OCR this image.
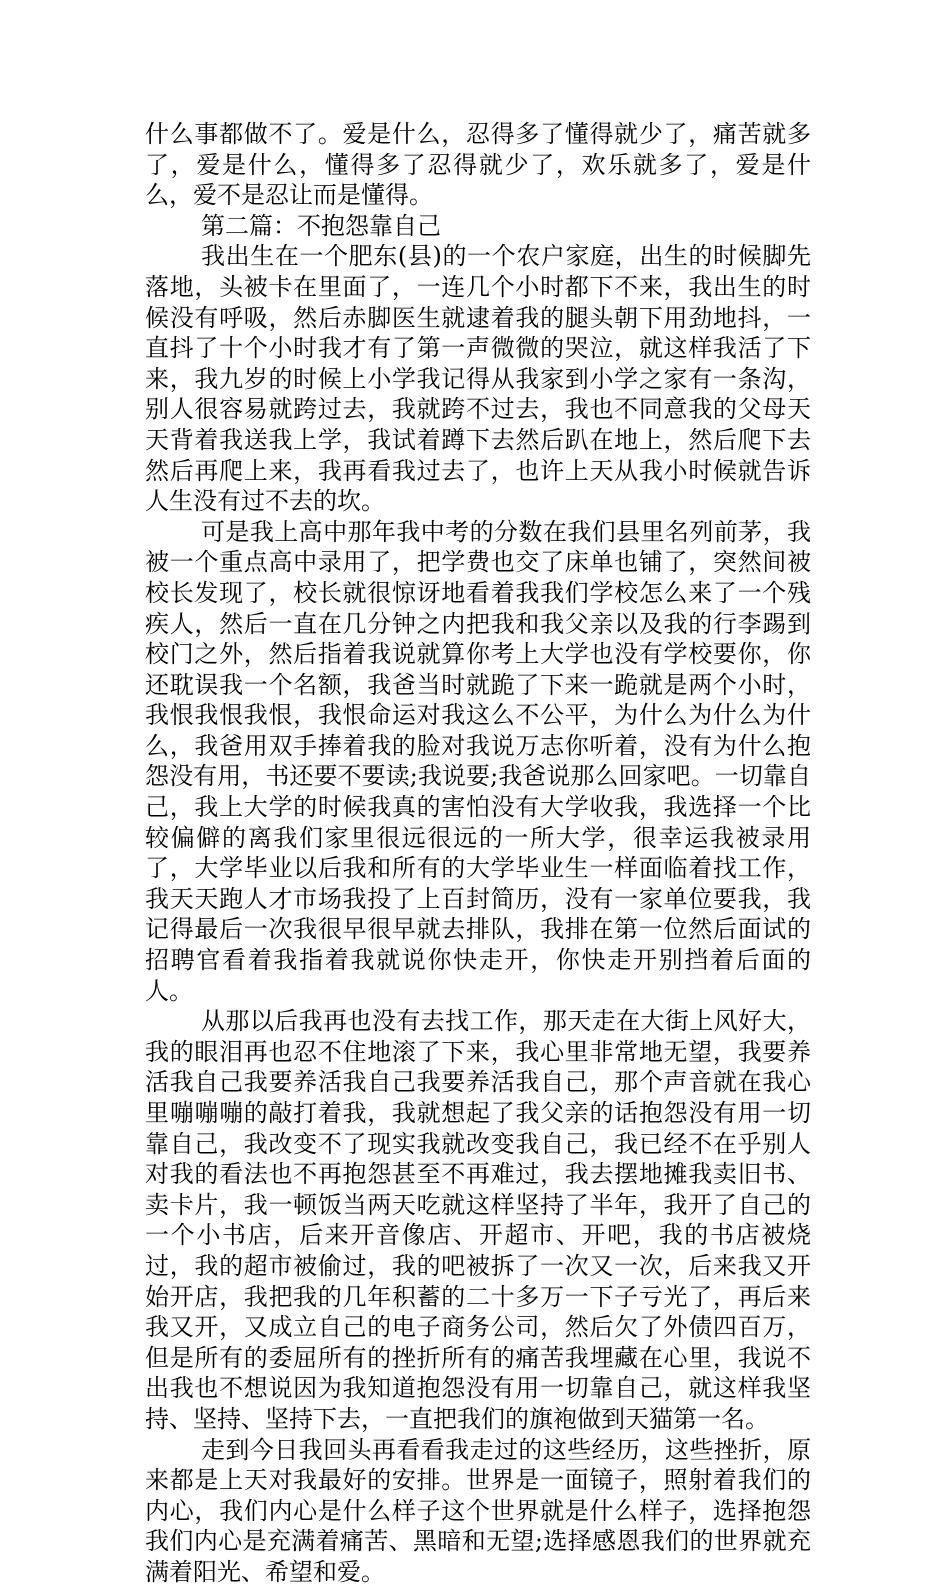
什么事都做不了。爱是什么，忍得多了懂得就少了，痛苦就多了，爱是什么，懂得多了忍得就少了，欢乐就多了，爱是什么，爱不是忍让而是懂得。

第二篇：不抱怨靠自己

我出生在一个肥东(县)的一个农户家庭，出生的时候脚先落地，头被卡在里面了，一连几个小时都下不来，我出生的时候没有呼吸，然后赤脚医生就逮着我的腿头朝下用劲地抖，一直抖了十个小时我才有了第一声微微的哭泣，就这样我活了下来，我九岁的时候上小学我记得从我家到小学之家有一条沟，别人很容易就跨过去，我就跨不过去，我也不同意我的父母天天背着我送我上学，我试着蹲下去然后趴在地上，然后爬下去然后再爬上来，我再看我过去了，也许上天从我小时候就告诉人生没有过不去的坎。

可是我上高中那年我中考的分数在我们县里名列前茅，我被一个重点高中录用了，把学费也交了床单也铺了，突然间被校长发现了，校长就很惊讶地看着我我们学校怎么来了一个残疾人，然后一直在几分钟之内把我和我父亲以及我的行李踢到校门之外，然后指着我说就算你考上大学也没有学校要你，你还耽误我一个名额，我爸当时就跪了下来一跪就是两个小时，我恨我恨我恨，我恨命运对我这么不公平，为什么为什么为什么，我爸用双手捧着我的脸对我说万志你听着，没有为什么抱怨没有用，书还要不要读;我说要;我爸说那么回家吧。一切靠自己，我上大学的时候我真的害怕没有大学收我，我选择一个比较偏僻的离我们家里很远很远的一所大学，很幸运我被录用了，大学毕业以后我和所有的大学毕业生一样面临着找工作，我天天跑人才市场我投了上百封简历，没有一家单位要我，我记得最后一次我很早很早就去排队，我排在第一位然后面试的招聘官看着我指着我就说你快走开，你快走开别挡着后面的人。

从那以后我再也没有去找工作，那天走在大街上风好大，我的眼泪再也忍不住地滚了下来，我心里非常地无望，我要养活我自己我要养活我自己我要养活我自己，那个声音就在我心里嘣嘣嘣的敲打着我，我就想起了我父亲的话抱怨没有用一切靠自己，我改变不了现实我就改变我自己，我已经不在乎别人对我的看法也不再抱怨甚至不再难过，我去摆地摊我卖旧书、卖卡片，我一顿饭当两天吃就这样坚持了半年，我开了自己的一个小书店，后来开音像店、开超市、开吧，我的书店被烧过，我的超市被偷过，我的吧被拆了一次又一次，后来我又开始开店，我把我的几年积蓄的二十多万一下子亏光了，再后来我又开，又成立自己的电子商务公司，然后欠了外债四百万，但是所有的委屈所有的挫折所有的痛苦我埋藏在心里，我说不出我也不想说因为我知道抱怨没有用一切靠自己，就这样我坚持、坚持、坚持下去，一直把我们的旗袍做到天猫第一名。

走到今日我回头再看看我走过的这些经历，这些挫折，原来都是上天对我最好的安排。世界是一面镜子，照射着我们的内心，我们内心是什么样子这个世界就是什么样子，选择抱怨我们内心是充满着痛苦、黑暗和无望;选择感恩我们的世界就充满着阳光、希望和爱。
